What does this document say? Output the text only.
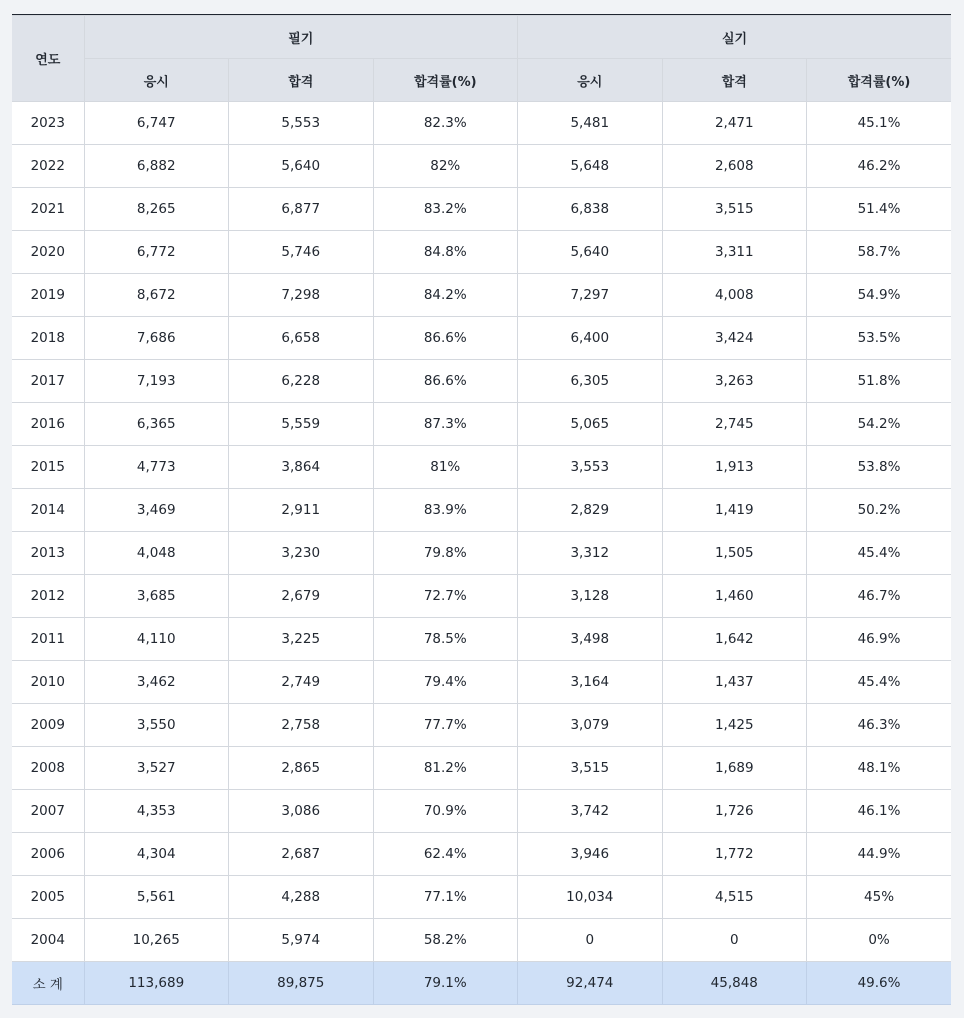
연도	필기			실기		
	응시	합격	합격률(%)	응시	합격	합격률(%)
2023	6,747	5,553	82.3%	5,481	2,471	45.1%
2022	6,882	5,640	82%	5,648	2,608	46.2%
2021	8,265	6,877	83.2%	6,838	3,515	51.4%
2020	6,772	5,746	84.8%	5,640	3,311	58.7%
2019	8,672	7,298	84.2%	7,297	4,008	54.9%
2018	7,686	6,658	86.6%	6,400	3,424	53.5%
2017	7,193	6,228	86.6%	6,305	3,263	51.8%
2016	6,365	5,559	87.3%	5,065	2,745	54.2%
2015	4,773	3,864	81%	3,553	1,913	53.8%
2014	3,469	2,911	83.9%	2,829	1,419	50.2%
2013	4,048	3,230	79.8%	3,312	1,505	45.4%
2012	3,685	2,679	72.7%	3,128	1,460	46.7%
2011	4,110	3,225	78.5%	3,498	1,642	46.9%
2010	3,462	2,749	79.4%	3,164	1,437	45.4%
2009	3,550	2,758	77.7%	3,079	1,425	46.3%
2008	3,527	2,865	81.2%	3,515	1,689	48.1%
2007	4,353	3,086	70.9%	3,742	1,726	46.1%
2006	4,304	2,687	62.4%	3,946	1,772	44.9%
2005	5,561	4,288	77.1%	10,034	4,515	45%
2004	10,265	5,974	58.2%	0	0	0%
소 계	113,689	89,875	79.1%	92,474	45,848	49.6%
